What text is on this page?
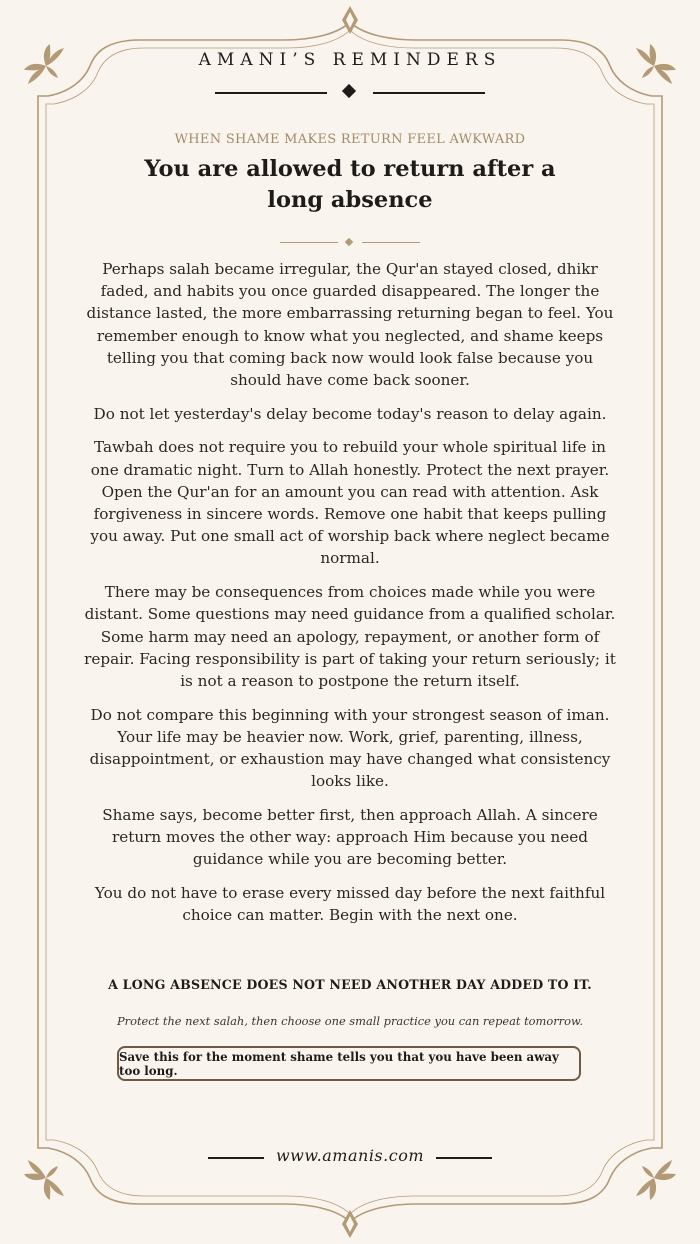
AMANI’S REMINDERS
WHEN SHAME MAKES RETURN FEEL AWKWARD
You are allowed to return after a long absence

Perhaps salah became irregular, the Qur'an stayed closed, dhikr faded, and habits you once guarded disappeared. The longer the distance lasted, the more embarrassing returning began to feel. You remember enough to know what you neglected, and shame keeps telling you that coming back now would look false because you should have come back sooner.

Do not let yesterday's delay become today's reason to delay again.

Tawbah does not require you to rebuild your whole spiritual life in one dramatic night. Turn to Allah honestly. Protect the next prayer. Open the Qur'an for an amount you can read with attention. Ask forgiveness in sincere words. Remove one habit that keeps pulling you away. Put one small act of worship back where neglect became normal.

There may be consequences from choices made while you were distant. Some questions may need guidance from a qualified scholar. Some harm may need an apology, repayment, or another form of repair. Facing responsibility is part of taking your return seriously; it is not a reason to postpone the return itself.

Do not compare this beginning with your strongest season of iman. Your life may be heavier now. Work, grief, parenting, illness, disappointment, or exhaustion may have changed what consistency looks like.

Shame says, become better first, then approach Allah. A sincere return moves the other way: approach Him because you need guidance while you are becoming better.

You do not have to erase every missed day before the next faithful choice can matter. Begin with the next one.

A LONG ABSENCE DOES NOT NEED ANOTHER DAY ADDED TO IT.
Protect the next salah, then choose one small practice you can repeat tomorrow.
Save this for the moment shame tells you that you have been away too long.
www.amanis.com
